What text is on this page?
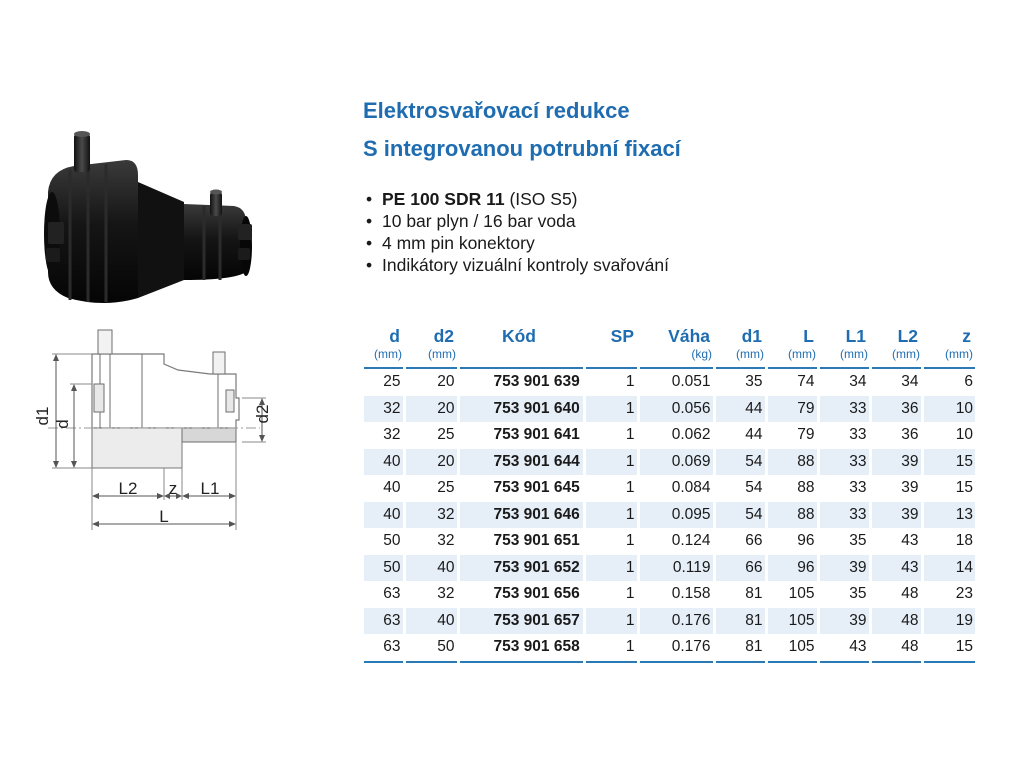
Elektrosvařovací redukce
S integrovanou potrubní fixací
• PE 100 SDR 11 (ISO S5)
• 10 bar plyn / 16 bar voda
• 4 mm pin konektory
• Indikátory vizuální kontroly svařování
d1 d
d2
L2 z L1
L
d	d2	Kód	SP	Váha	d1	L	L1	L2	z
(mm)	(mm)			(kg)	(mm)	(mm)	(mm)	(mm)	(mm)
25	20	753 901 639	1	0.051	35	74	34	34	6
32	20	753 901 640	1	0.056	44	79	33	36	10
32	25	753 901 641	1	0.062	44	79	33	36	10
40	20	753 901 644	1	0.069	54	88	33	39	15
40	25	753 901 645	1	0.084	54	88	33	39	15
40	32	753 901 646	1	0.095	54	88	33	39	13
50	32	753 901 651	1	0.124	66	96	35	43	18
50	40	753 901 652	1	0.119	66	96	39	43	14
63	32	753 901 656	1	0.158	81	105	35	48	23
63	40	753 901 657	1	0.176	81	105	39	48	19
63	50	753 901 658	1	0.176	81	105	43	48	15
